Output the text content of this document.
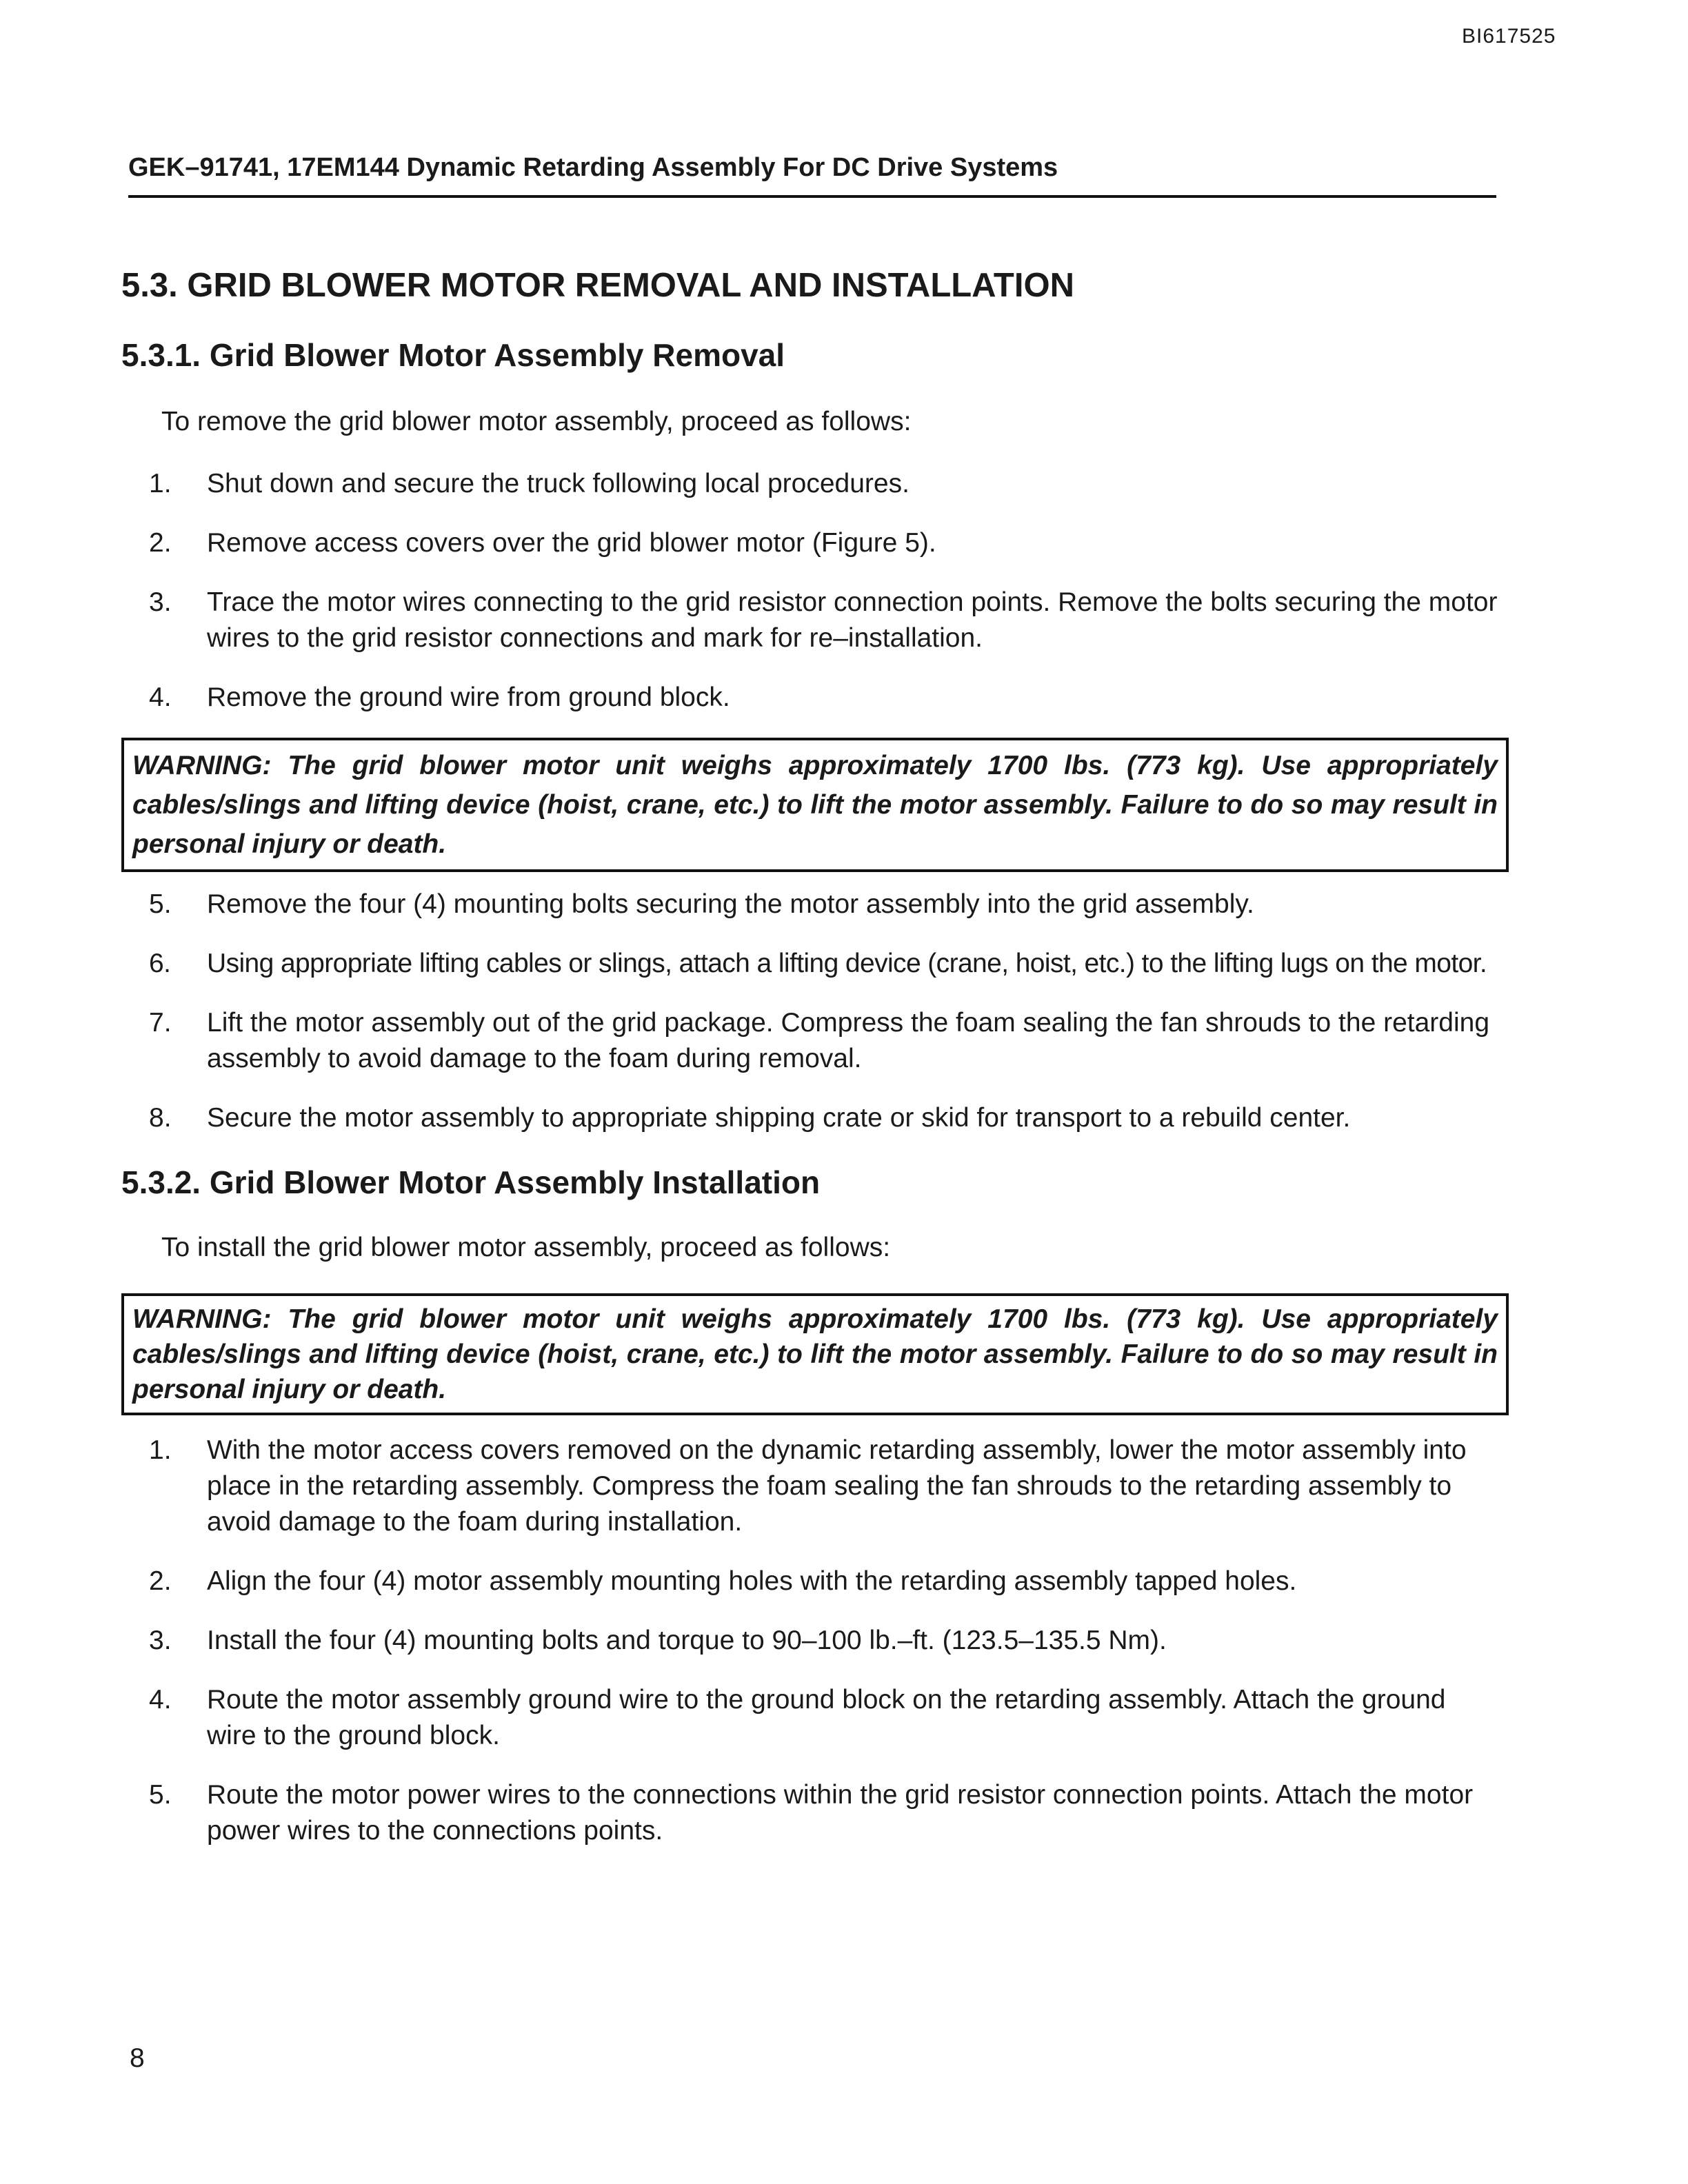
BI617525
GEK–91741, 17EM144 Dynamic Retarding Assembly For DC Drive Systems
5.3. GRID BLOWER MOTOR REMOVAL AND INSTALLATION
5.3.1. Grid Blower Motor Assembly Removal
To remove the grid blower motor assembly, proceed as follows:
1. Shut down and secure the truck following local procedures.
2. Remove access covers over the grid blower motor (Figure 5).
3. Trace the motor wires connecting to the grid resistor connection points. Remove the bolts securing the motor wires to the grid resistor connections and mark for re–installation.
4. Remove the ground wire from ground block.
WARNING: The grid blower motor unit weighs approximately 1700 lbs. (773 kg). Use appropriately cables/slings and lifting device (hoist, crane, etc.) to lift the motor assembly. Failure to do so may result in personal injury or death.
5. Remove the four (4) mounting bolts securing the motor assembly into the grid assembly.
6. Using appropriate lifting cables or slings, attach a lifting device (crane, hoist, etc.) to the lifting lugs on the motor.
7. Lift the motor assembly out of the grid package. Compress the foam sealing the fan shrouds to the retarding assembly to avoid damage to the foam during removal.
8. Secure the motor assembly to appropriate shipping crate or skid for transport to a rebuild center.
5.3.2. Grid Blower Motor Assembly Installation
To install the grid blower motor assembly, proceed as follows:
WARNING: The grid blower motor unit weighs approximately 1700 lbs. (773 kg). Use appropriately cables/slings and lifting device (hoist, crane, etc.) to lift the motor assembly. Failure to do so may result in personal injury or death.
1. With the motor access covers removed on the dynamic retarding assembly, lower the motor assembly into place in the retarding assembly. Compress the foam sealing the fan shrouds to the retarding assembly to avoid damage to the foam during installation.
2. Align the four (4) motor assembly mounting holes with the retarding assembly tapped holes.
3. Install the four (4) mounting bolts and torque to 90–100 lb.–ft. (123.5–135.5 Nm).
4. Route the motor assembly ground wire to the ground block on the retarding assembly. Attach the ground wire to the ground block.
5. Route the motor power wires to the connections within the grid resistor connection points. Attach the motor power wires to the connections points.
8
